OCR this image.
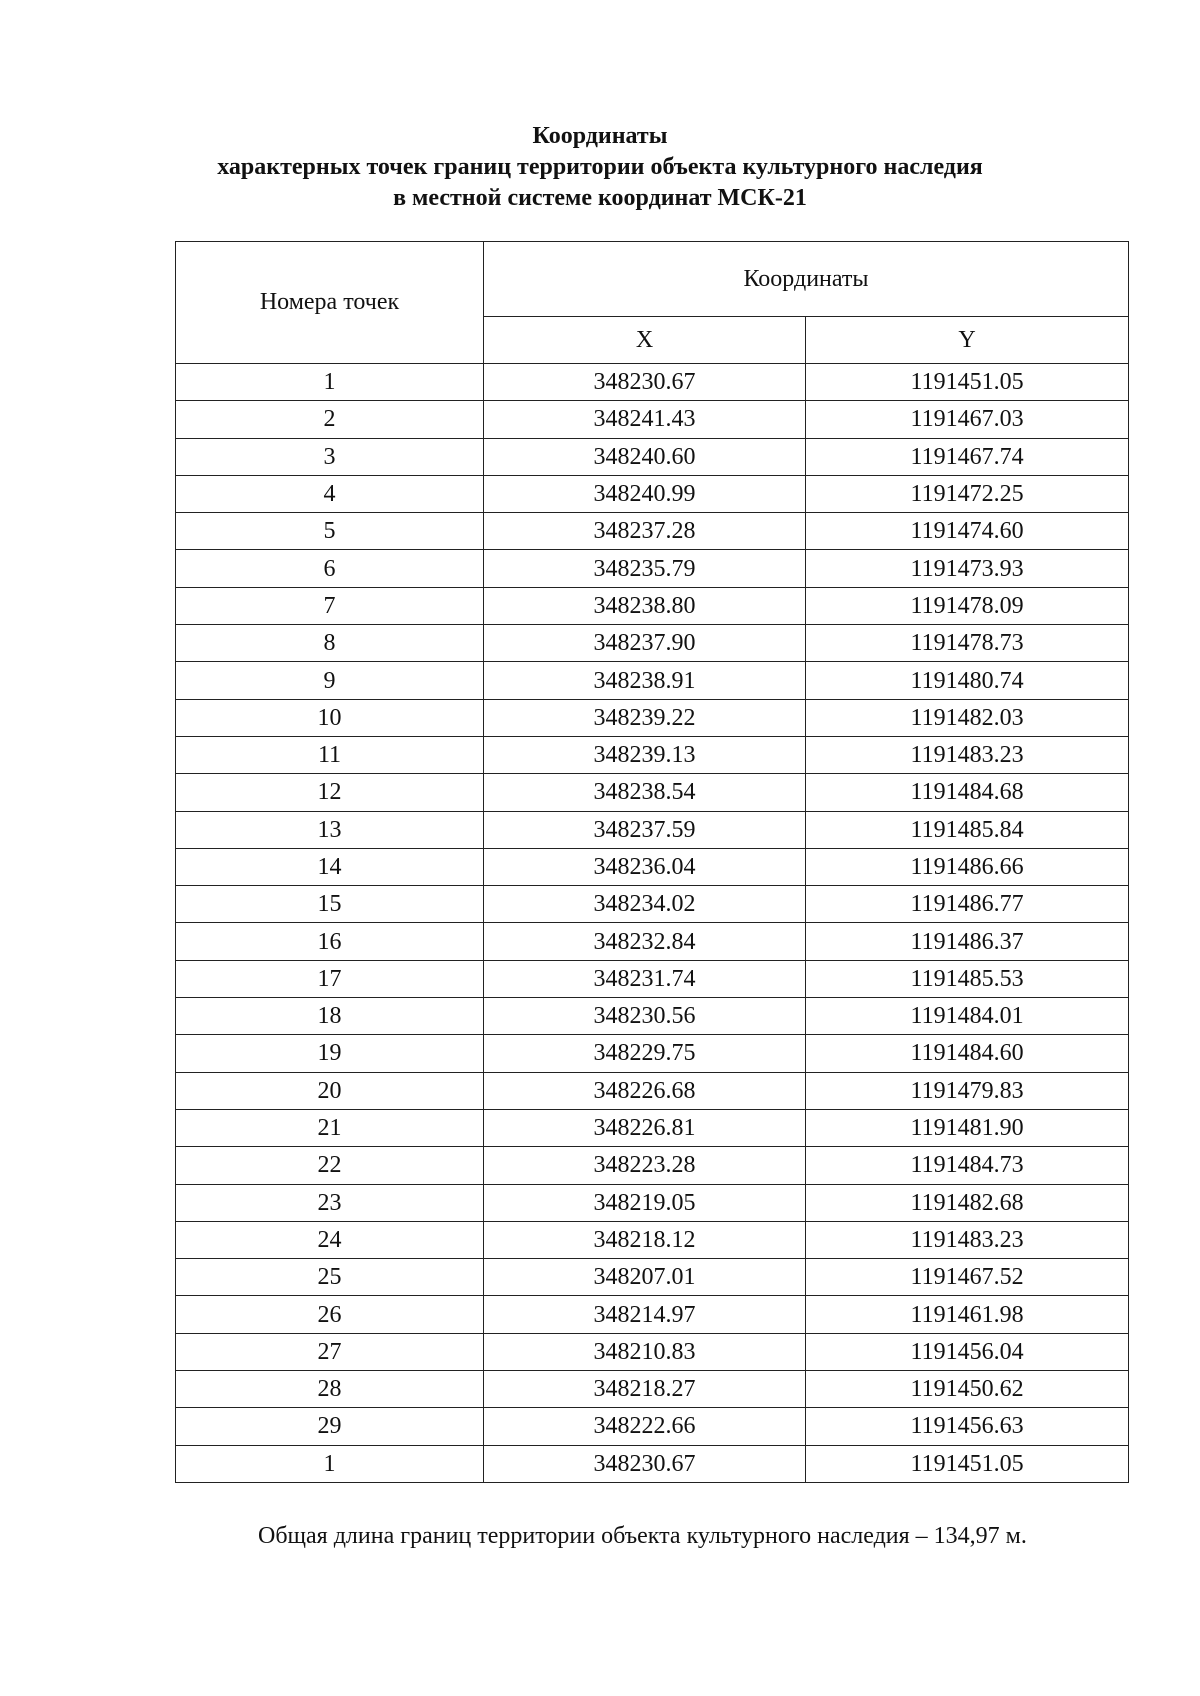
Координаты
характерных точек границ территории объекта культурного наследия
в местной системе координат МСК-21
Номера точек	Координаты	
	X	Y
1	348230.67	1191451.05
2	348241.43	1191467.03
3	348240.60	1191467.74
4	348240.99	1191472.25
5	348237.28	1191474.60
6	348235.79	1191473.93
7	348238.80	1191478.09
8	348237.90	1191478.73
9	348238.91	1191480.74
10	348239.22	1191482.03
11	348239.13	1191483.23
12	348238.54	1191484.68
13	348237.59	1191485.84
14	348236.04	1191486.66
15	348234.02	1191486.77
16	348232.84	1191486.37
17	348231.74	1191485.53
18	348230.56	1191484.01
19	348229.75	1191484.60
20	348226.68	1191479.83
21	348226.81	1191481.90
22	348223.28	1191484.73
23	348219.05	1191482.68
24	348218.12	1191483.23
25	348207.01	1191467.52
26	348214.97	1191461.98
27	348210.83	1191456.04
28	348218.27	1191450.62
29	348222.66	1191456.63
1	348230.67	1191451.05
Общая длина границ территории объекта культурного наследия – 134,97 м.
